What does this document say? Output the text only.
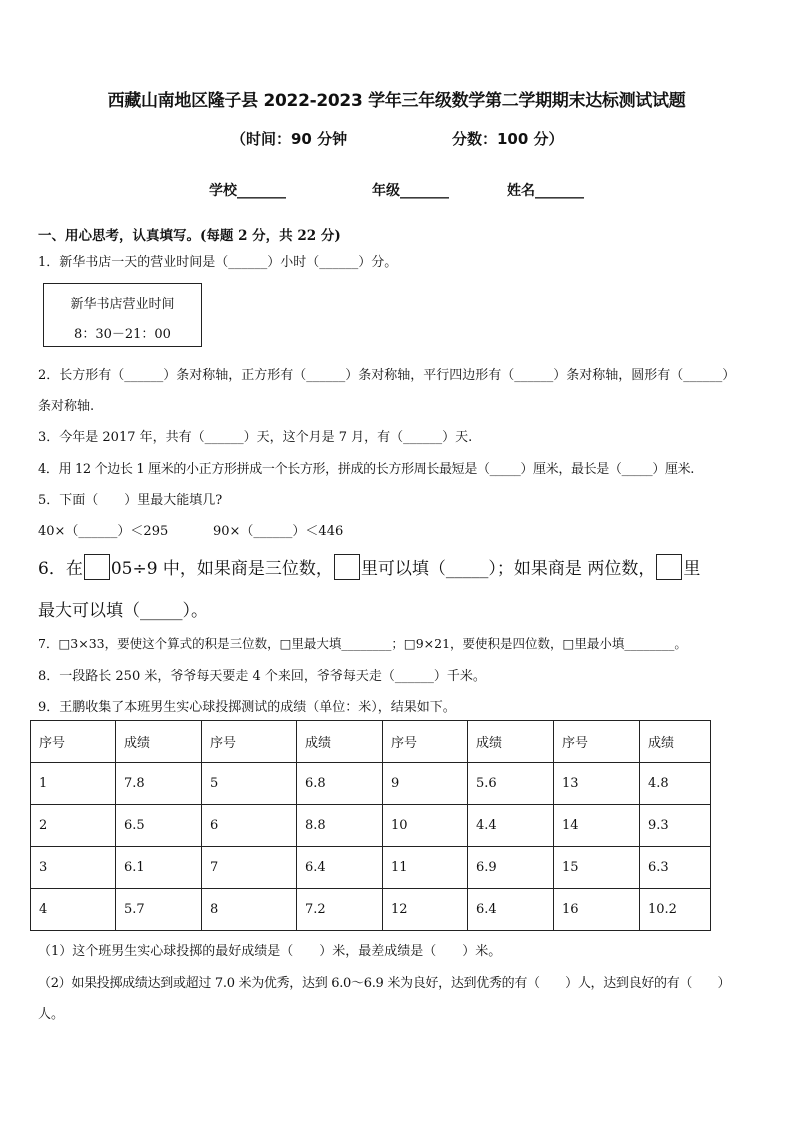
西藏山南地区隆子县 2022-2023 学年三年级数学第二学期期末达标测试试题
（时间：90 分钟	分数：100 分）
学校_______	年级_______	姓名_______
一、用心思考，认真填写。(每题 2 分，共 22 分)
1．新华书店一天的营业时间是（______）小时（______）分。
新华书店营业时间
8：30－21：00
2．长方形有（______）条对称轴，正方形有（______）条对称轴，平行四边形有（______）条对称轴，圆形有（______）
条对称轴.
3．今年是 2017 年，共有（______）天，这个月是 7 月，有（______）天.
4．用 12 个边长 1 厘米的小正方形拼成一个长方形，拼成的长方形周长最短是（_____）厘米，最长是（_____）厘米.
5．下面（　　）里最大能填几?
40×（______）＜295	90×（______）＜446
6．在 05÷9 中，如果商是三位数， 里可以填（_____）；如果商是 两位数， 里
最大可以填（_____）。
7．□3×33，要使这个算式的积是三位数，□里最大填________；□9×21，要使积是四位数，□里最小填________。
8．一段路长 250 米，爷爷每天要走 4 个来回，爷爷每天走（______）千米。
9．王鹏收集了本班男生实心球投掷测试的成绩（单位：米），结果如下。
序号	成绩	序号	成绩	序号	成绩	序号	成绩
1	7.8	5	6.8	9	5.6	13	4.8
2	6.5	6	8.8	10	4.4	14	9.3
3	6.1	7	6.4	11	6.9	15	6.3
4	5.7	8	7.2	12	6.4	16	10.2
（1）这个班男生实心球投掷的最好成绩是（　　）米，最差成绩是（　　）米。
（2）如果投掷成绩达到或超过 7.0 米为优秀，达到 6.0～6.9 米为良好，达到优秀的有（　　）人，达到良好的有（　　）
人。
